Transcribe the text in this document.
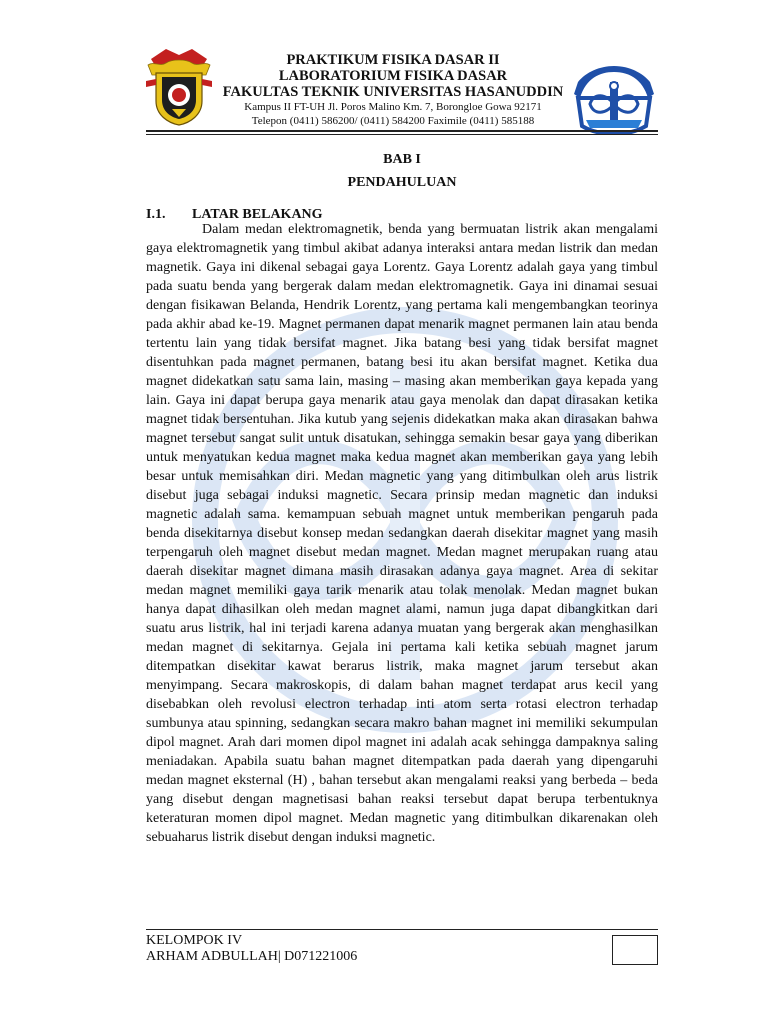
PRAKTIKUM FISIKA DASAR II
LABORATORIUM FISIKA DASAR
FAKULTAS TEKNIK UNIVERSITAS HASANUDDIN
Kampus II FT-UH Jl. Poros Malino Km. 7, Borongloe Gowa 92171
Telepon (0411) 586200/ (0411) 584200 Faximile (0411) 585188
BAB I
PENDAHULUAN
I.1. LATAR BELAKANG

Dalam medan elektromagnetik, benda yang bermuatan listrik akan mengalami gaya elektromagnetik yang timbul akibat adanya interaksi antara medan listrik dan medan magnetik. Gaya ini dikenal sebagai gaya Lorentz. Gaya Lorentz adalah gaya yang timbul pada suatu benda yang bergerak dalam medan elektromagnetik. Gaya ini dinamai sesuai dengan fisikawan Belanda, Hendrik Lorentz, yang pertama kali mengembangkan teorinya pada akhir abad ke-19. Magnet permanen dapat menarik magnet permanen lain atau benda tertentu lain yang tidak bersifat magnet. Jika batang besi yang tidak bersifat magnet disentuhkan pada magnet permanen, batang besi itu akan bersifat magnet. Ketika dua magnet didekatkan satu sama lain, masing – masing akan memberikan gaya kepada yang lain. Gaya ini dapat berupa gaya menarik atau gaya menolak dan dapat dirasakan ketika magnet tidak bersentuhan. Jika kutub yang sejenis didekatkan maka akan dirasakan bahwa magnet tersebut sangat sulit untuk disatukan, sehingga semakin besar gaya yang diberikan untuk menyatukan kedua magnet maka kedua magnet akan memberikan gaya yang lebih besar untuk memisahkan diri. Medan magnetic yang yang ditimbulkan oleh arus listrik disebut juga sebagai induksi magnetic. Secara prinsip medan magnetic dan induksi magnetic adalah sama. kemampuan sebuah magnet untuk memberikan pengaruh pada benda disekitarnya disebut konsep medan sedangkan daerah disekitar magnet yang masih terpengaruh oleh magnet disebut medan magnet. Medan magnet merupakan ruang atau daerah disekitar magnet dimana masih dirasakan adanya gaya magnet. Area di sekitar medan magnet memiliki gaya tarik menarik atau tolak menolak. Medan magnet bukan hanya dapat dihasilkan oleh medan magnet alami, namun juga dapat dibangkitkan dari suatu arus listrik, hal ini terjadi karena adanya muatan yang bergerak akan menghasilkan medan magnet di sekitarnya. Gejala ini pertama kali ketika sebuah magnet jarum ditempatkan disekitar kawat berarus listrik, maka magnet jarum tersebut akan menyimpang. Secara makroskopis, di dalam bahan magnet terdapat arus kecil yang disebabkan oleh revolusi electron terhadap inti atom serta rotasi electron terhadap sumbunya atau spinning, sedangkan secara makro bahan magnet ini memiliki sekumpulan dipol magnet. Arah dari momen dipol magnet ini adalah acak sehingga dampaknya saling meniadakan. Apabila suatu bahan magnet ditempatkan pada daerah yang dipengaruhi medan magnet eksternal (H) , bahan tersebut akan mengalami reaksi yang berbeda – beda yang disebut dengan magnetisasi bahan reaksi tersebut dapat berupa terbentuknya keteraturan momen dipol magnet. Medan magnetic yang ditimbulkan dikarenakan oleh sebuaharus listrik disebut dengan induksi magnetic.

KELOMPOK IV
ARHAM ADBULLAH| D071221006
